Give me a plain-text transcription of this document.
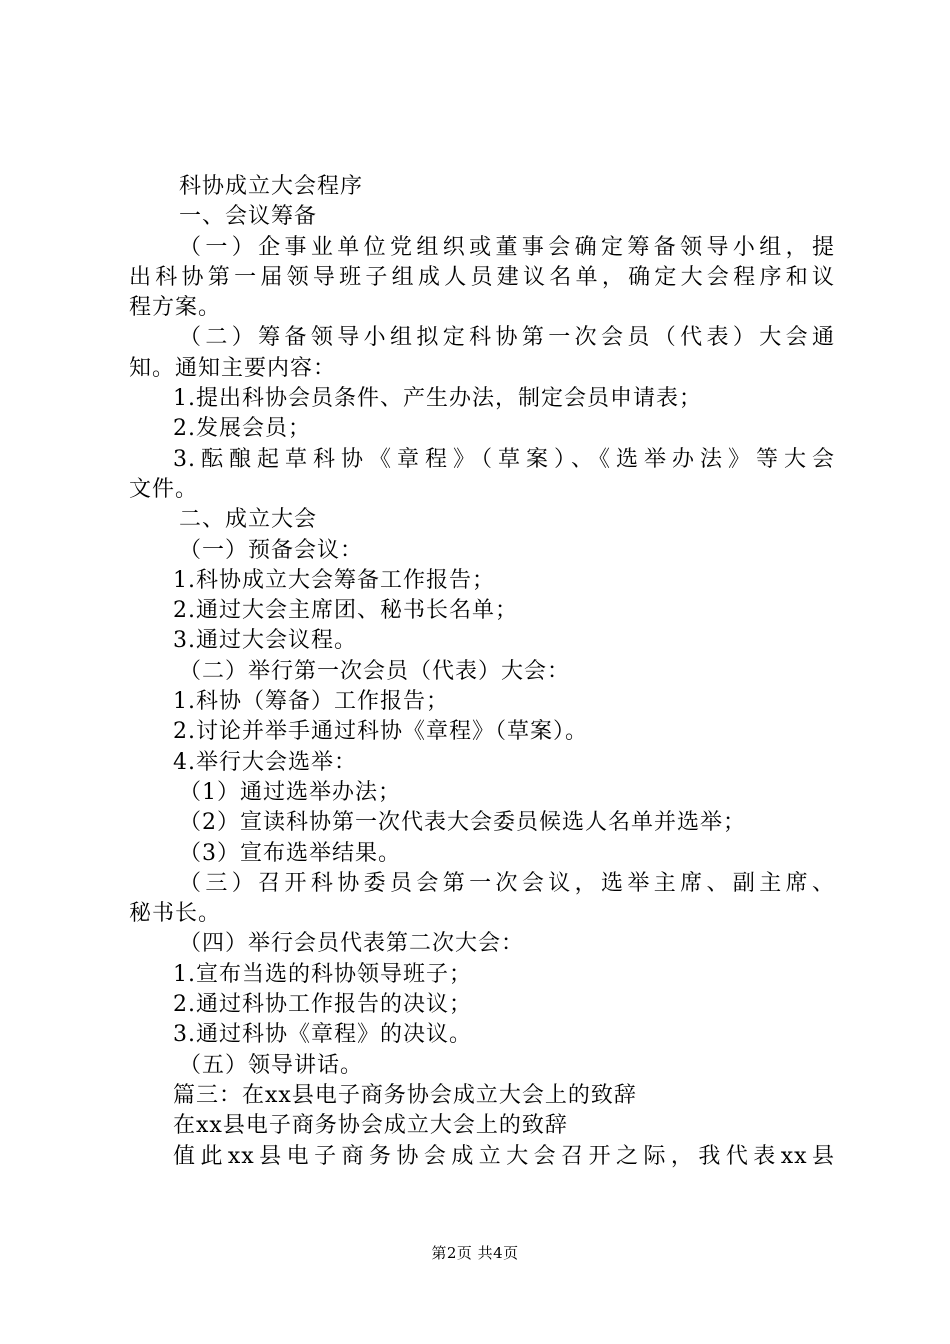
科协成立大会程序
一、会议筹备
（一）企事业单位党组织或董事会确定筹备领导小组，提
出科协第一届领导班子组成人员建议名单，确定大会程序和议
程方案。
（二）筹备领导小组拟定科协第一次会员（代表）大会通
知。通知主要内容：
1.提出科协会员条件、产生办法，制定会员申请表；
2.发展会员；
3.酝酿起草科协《章程》（草案）、《选举办法》等大会
文件。
二、成立大会
（一）预备会议：
1.科协成立大会筹备工作报告；
2.通过大会主席团、秘书长名单；
3.通过大会议程。
（二）举行第一次会员（代表）大会：
1.科协（筹备）工作报告；
2.讨论并举手通过科协《章程》（草案）。
4.举行大会选举：
（1）通过选举办法；
（2）宣读科协第一次代表大会委员候选人名单并选举；
（3）宣布选举结果。
（三）召开科协委员会第一次会议，选举主席、副主席、
秘书长。
（四）举行会员代表第二次大会：
1.宣布当选的科协领导班子；
2.通过科协工作报告的决议；
3.通过科协《章程》的决议。
（五）领导讲话。
篇三：在xx县电子商务协会成立大会上的致辞
在xx县电子商务协会成立大会上的致辞
值此xx县电子商务协会成立大会召开之际，我代表xx县
第2页 共4页
